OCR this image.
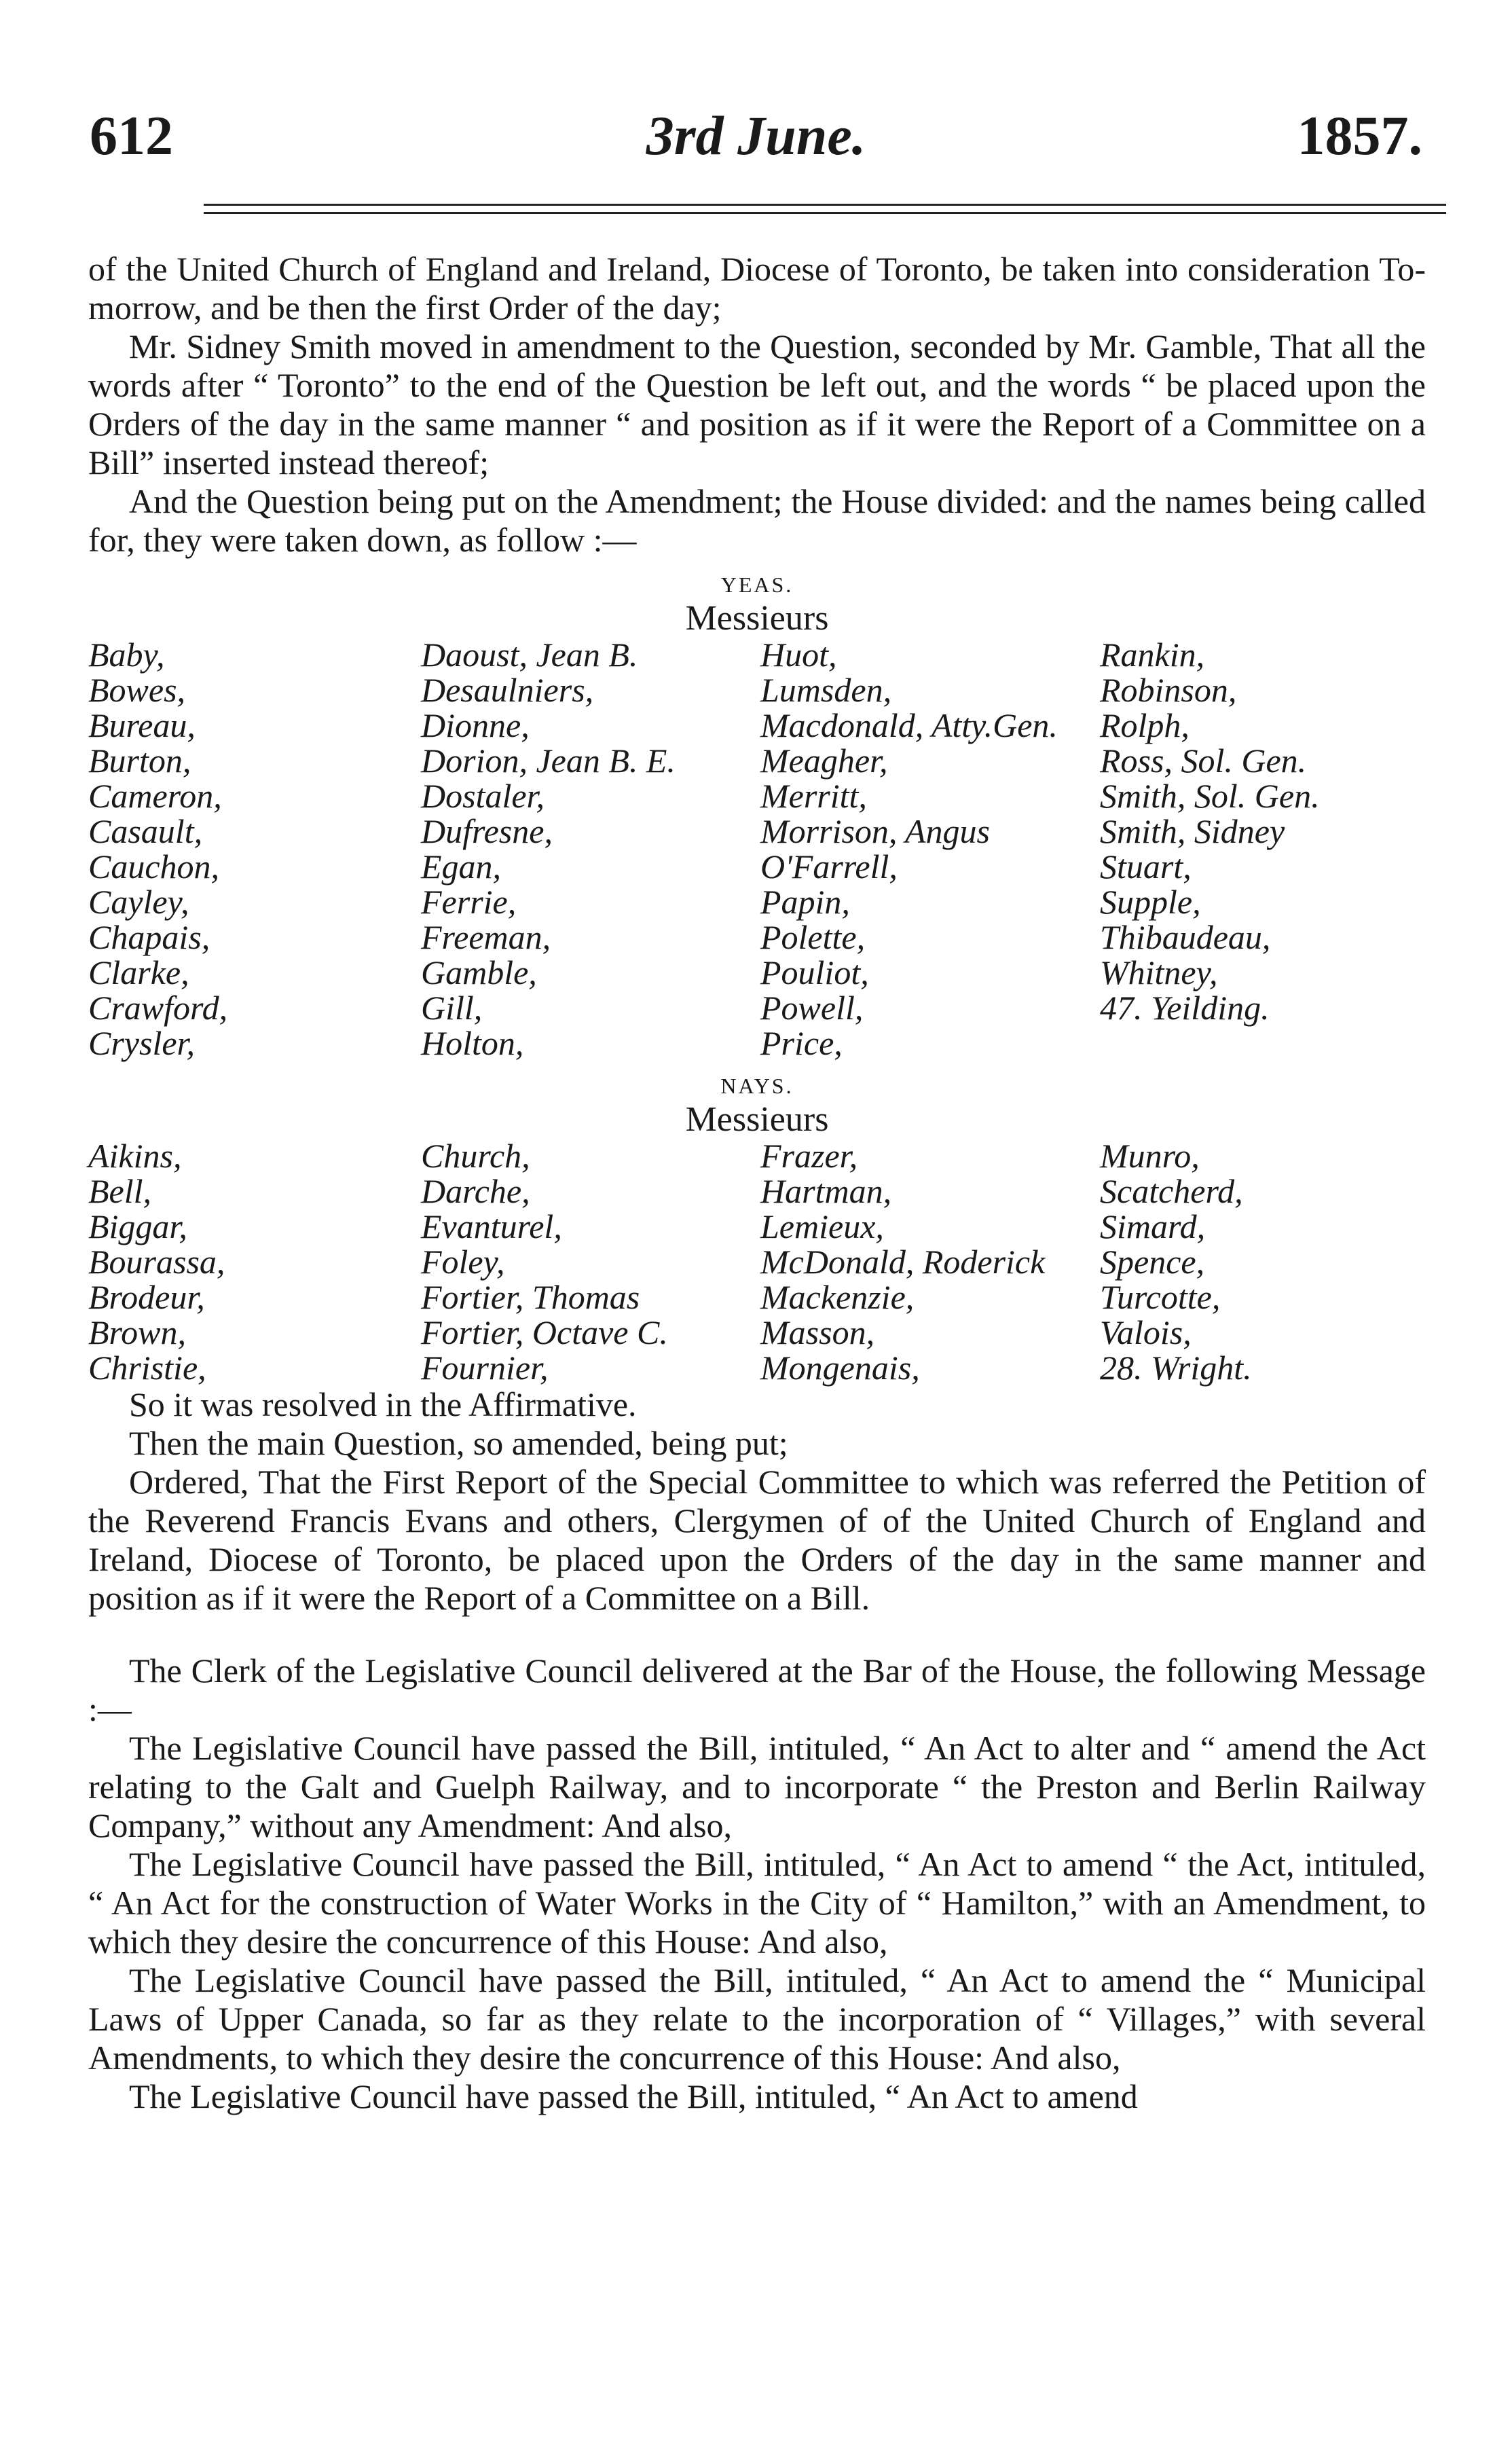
3rd June.
612	1857.

of the United Church of England and Ireland, Diocese of Toronto, be taken into consideration To-morrow, and be then the first Order of the day;

Mr. Sidney Smith moved in amendment to the Question, seconded by Mr. Gamble, That all the words after “ Toronto” to the end of the Question be left out, and the words “ be placed upon the Orders of the day in the same manner “ and position as if it were the Report of a Committee on a Bill” inserted instead thereof;

And the Question being put on the Amendment; the House divided: and the names being called for, they were taken down, as follow :—

YEAS.
Messieurs
Baby,	Daoust, Jean B.	Huot,	Rankin,
Bowes,	Desaulniers,	Lumsden,	Robinson,
Bureau,	Dionne,	Macdonald, Atty.Gen.	Rolph,
Burton,	Dorion, Jean B. E.	Meagher,	Ross, Sol. Gen.
Cameron,	Dostaler,	Merritt,	Smith, Sol. Gen.
Casault,	Dufresne,	Morrison, Angus	Smith, Sidney
Cauchon,	Egan,	O'Farrell,	Stuart,
Cayley,	Ferrie,	Papin,	Supple,
Chapais,	Freeman,	Polette,	Thibaudeau,
Clarke,	Gamble,	Pouliot,	Whitney,
Crawford,	Gill,	Powell,	47. Yeilding.
Crysler,	Holton,	Price,
NAYS.
Messieurs
Aikins,	Church,	Frazer,	Munro,
Bell,	Darche,	Hartman,	Scatcherd,
Biggar,	Evanturel,	Lemieux,	Simard,
Bourassa,	Foley,	McDonald, Roderick	Spence,
Brodeur,	Fortier, Thomas	Mackenzie,	Turcotte,
Brown,	Fortier, Octave C.	Masson,	Valois,
Christie,	Fournier,	Mongenais,	28. Wright.

So it was resolved in the Affirmative.

Then the main Question, so amended, being put;

Ordered, That the First Report of the Special Committee to which was referred the Petition of the Reverend Francis Evans and others, Clergymen of of the United Church of England and Ireland, Diocese of Toronto, be placed upon the Orders of the day in the same manner and position as if it were the Report of a Committee on a Bill.

The Clerk of the Legislative Council delivered at the Bar of the House, the following Message :—

The Legislative Council have passed the Bill, intituled, “ An Act to alter and “ amend the Act relating to the Galt and Guelph Railway, and to incorporate “ the Preston and Berlin Railway Company,” without any Amendment: And also,

The Legislative Council have passed the Bill, intituled, “ An Act to amend “ the Act, intituled, “ An Act for the construction of Water Works in the City of “ Hamilton,” with an Amendment, to which they desire the concurrence of this House: And also,

The Legislative Council have passed the Bill, intituled, “ An Act to amend the “ Municipal Laws of Upper Canada, so far as they relate to the incorporation of “ Villages,” with several Amendments, to which they desire the concurrence of this House: And also,

The Legislative Council have passed the Bill, intituled, “ An Act to amend
